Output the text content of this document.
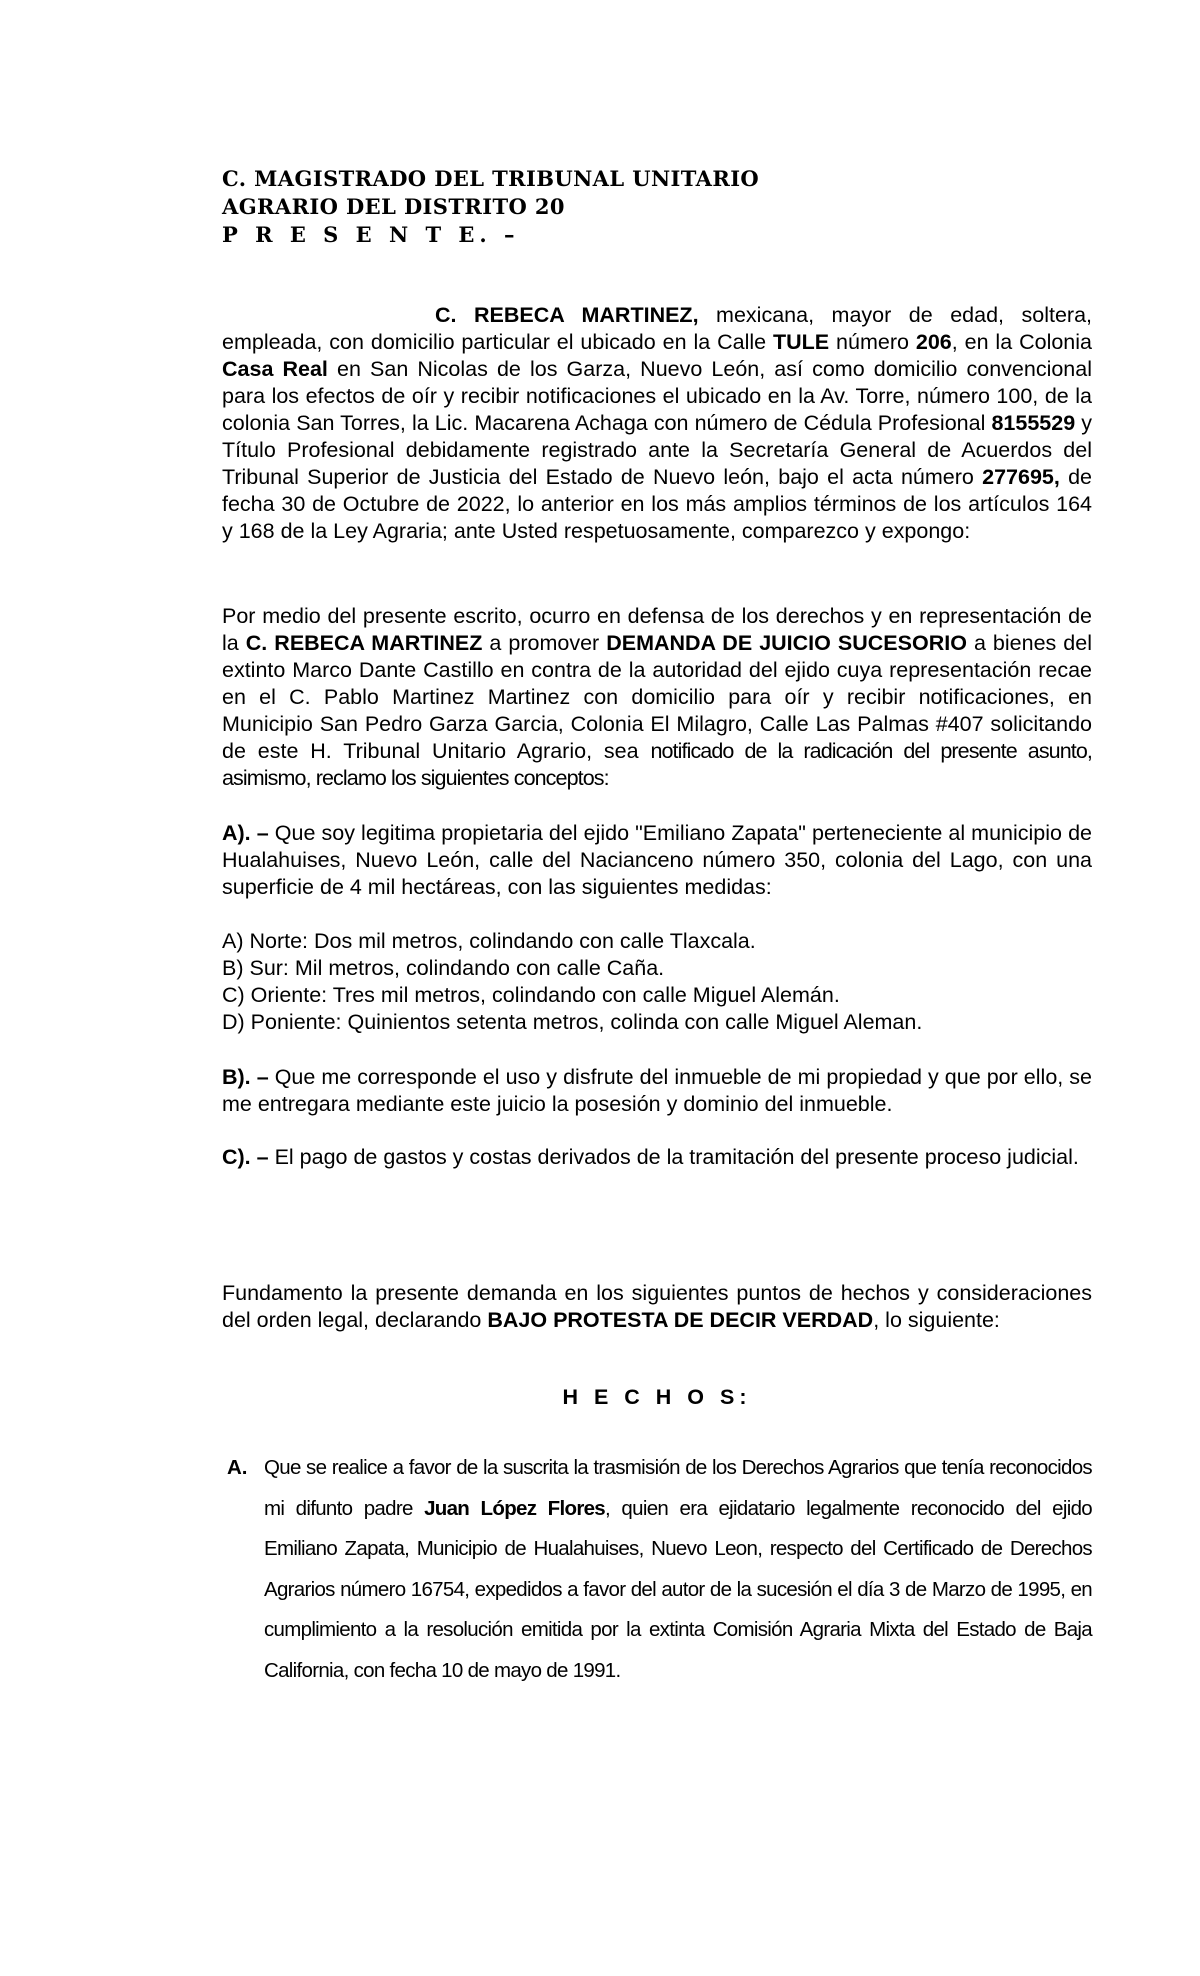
C. MAGISTRADO DEL TRIBUNAL UNITARIO
AGRARIO DEL DISTRITO 20
P R E S E N T E. –
C. REBECA MARTINEZ, mexicana, mayor de edad, soltera, empleada, con domicilio particular el ubicado en la Calle TULE número 206, en la Colonia Casa Real en San Nicolas de los Garza, Nuevo León, así como domicilio convencional para los efectos de oír y recibir notificaciones el ubicado en la Av. Torre, número 100, de la colonia San Torres, la Lic. Macarena Achaga con número de Cédula Profesional 8155529 y Título Profesional debidamente registrado ante la Secretaría General de Acuerdos del Tribunal Superior de Justicia del Estado de Nuevo león, bajo el acta número 277695, de fecha 30 de Octubre de 2022, lo anterior en los más amplios términos de los artículos 164 y 168 de la Ley Agraria; ante Usted respetuosamente, comparezco y expongo:
Por medio del presente escrito, ocurro en defensa de los derechos y en representación de la C. REBECA MARTINEZ a promover DEMANDA DE JUICIO SUCESORIO a bienes del extinto Marco Dante Castillo en contra de la autoridad del ejido cuya representación recae en el C. Pablo Martinez Martinez con domicilio para oír y recibir notificaciones, en Municipio San Pedro Garza Garcia, Colonia El Milagro, Calle Las Palmas #407 solicitando de este H. Tribunal Unitario Agrario, sea notificado de la radicación del presente asunto, asimismo, reclamo los siguientes conceptos:
A). – Que soy legitima propietaria del ejido "Emiliano Zapata" perteneciente al municipio de Hualahuises, Nuevo León, calle del Nacianceno número 350, colonia del Lago, con una superficie de 4 mil hectáreas, con las siguientes medidas:
A) Norte: Dos mil metros, colindando con calle Tlaxcala.
B) Sur: Mil metros, colindando con calle Caña.
C) Oriente: Tres mil metros, colindando con calle Miguel Alemán.
D) Poniente: Quinientos setenta metros, colinda con calle Miguel Aleman.
B). – Que me corresponde el uso y disfrute del inmueble de mi propiedad y que por ello, se me entregara mediante este juicio la posesión y dominio del inmueble.
C). – El pago de gastos y costas derivados de la tramitación del presente proceso judicial.
Fundamento la presente demanda en los siguientes puntos de hechos y consideraciones del orden legal, declarando BAJO PROTESTA DE DECIR VERDAD, lo siguiente:
H E C H O S:
A. Que se realice a favor de la suscrita la trasmisión de los Derechos Agrarios que tenía reconocidos mi difunto padre Juan López Flores, quien era ejidatario legalmente reconocido del ejido Emiliano Zapata, Municipio de Hualahuises, Nuevo Leon, respecto del Certificado de Derechos Agrarios número 16754, expedidos a favor del autor de la sucesión el día 3 de Marzo de 1995, en cumplimiento a la resolución emitida por la extinta Comisión Agraria Mixta del Estado de Baja California, con fecha 10 de mayo de 1991.
